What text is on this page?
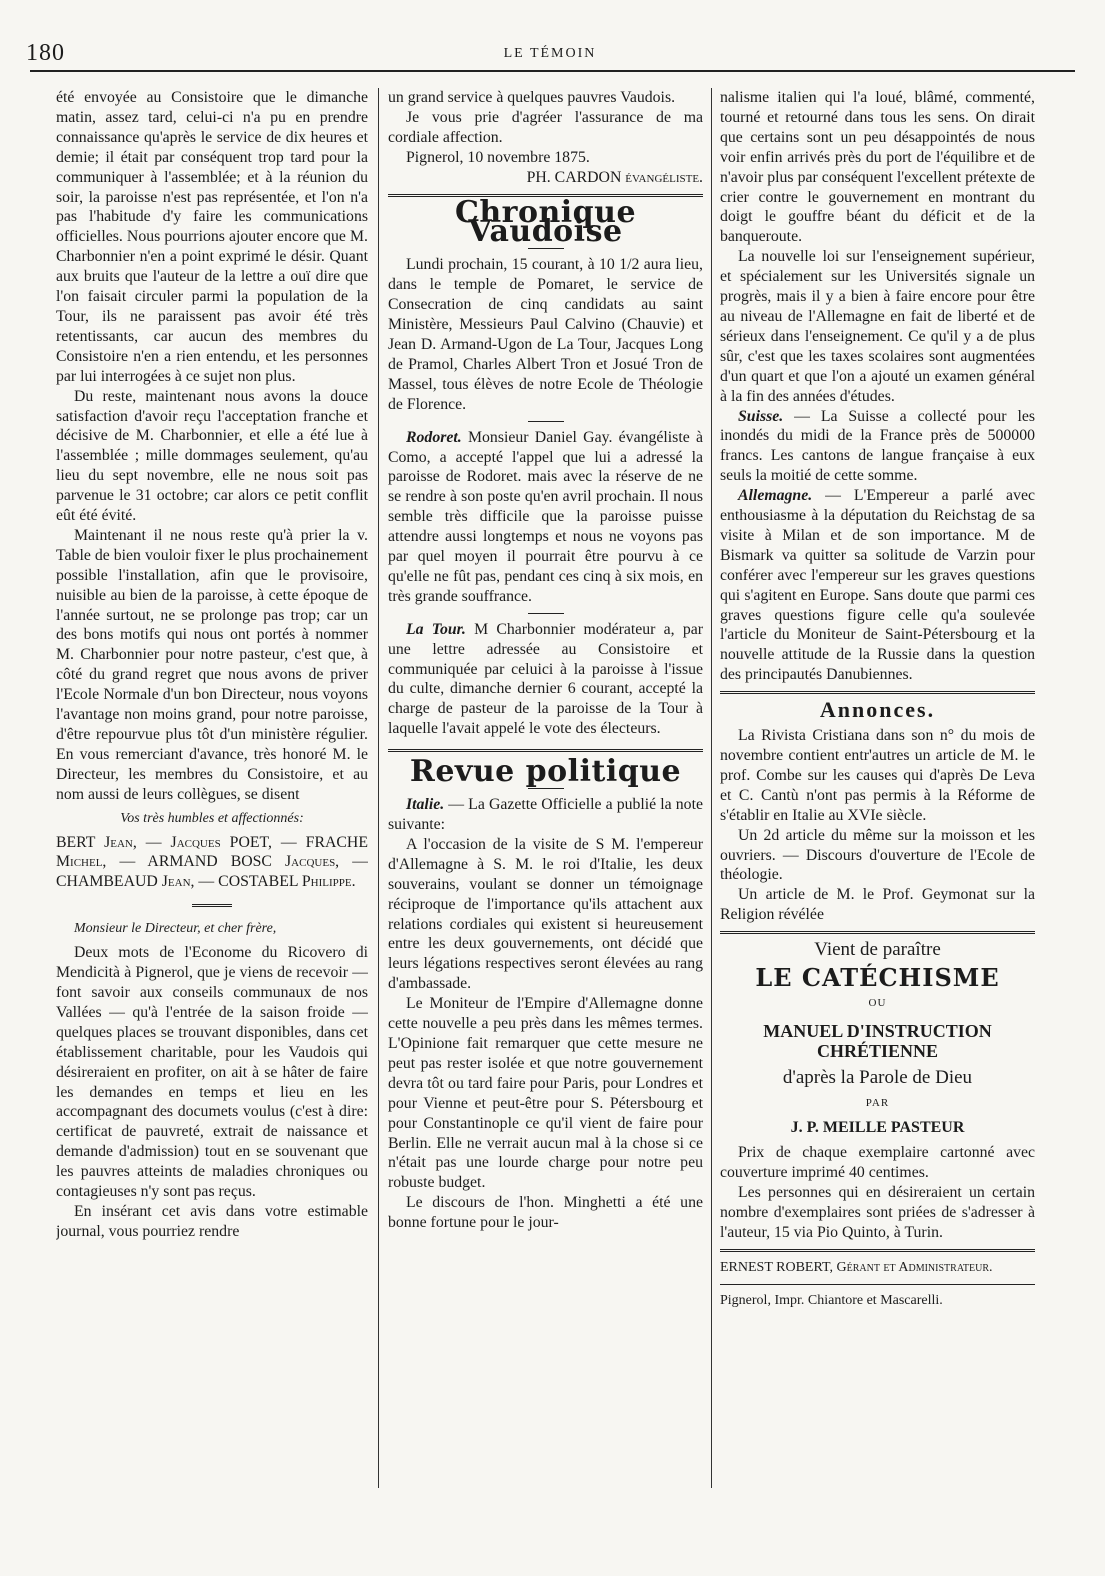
180	LE TÉMOIN

été envoyée au Consistoire que le dimanche matin, assez tard, celui-ci n'a pu en prendre connaissance qu'après le service de dix heures et demie; il était par conséquent trop tard pour la communiquer à l'assemblée; et à la réunion du soir, la paroisse n'est pas représentée, et l'on n'a pas l'habitude d'y faire les communications officielles. Nous pourrions ajouter encore que M. Charbonnier n'en a point exprimé le désir. Quant aux bruits que l'auteur de la lettre a ouï dire que l'on faisait circuler parmi la population de la Tour, ils ne paraissent pas avoir été très retentissants, car aucun des membres du Consistoire n'en a rien entendu, et les personnes par lui interrogées à ce sujet non plus.

Du reste, maintenant nous avons la douce satisfaction d'avoir reçu l'acceptation franche et décisive de M. Charbonnier, et elle a été lue à l'assemblée ; mille dommages seulement, qu'au lieu du sept novembre, elle ne nous soit pas parvenue le 31 octobre; car alors ce petit conflit eût été évité.

Maintenant il ne nous reste qu'à prier la v. Table de bien vouloir fixer le plus prochainement possible l'installation, afin que le provisoire, nuisible au bien de la paroisse, à cette époque de l'année surtout, ne se prolonge pas trop; car un des bons motifs qui nous ont portés à nommer M. Charbonnier pour notre pasteur, c'est que, à côté du grand regret que nous avons de priver l'Ecole Normale d'un bon Directeur, nous voyons l'avantage non moins grand, pour notre paroisse, d'être repourvue plus tôt d'un ministère régulier. En vous remerciant d'avance, très honoré M. le Directeur, les membres du Consistoire, et au nom aussi de leurs collègues, se disent

Vos très humbles et affectionnés:

BERT Jean, — Jacques POET, — FRACHE Michel, — ARMAND BOSC Jacques, — CHAMBEAUD Jean, — COSTABEL Philippe.

Monsieur le Directeur, et cher frère,

Deux mots de l'Econome du Ricovero di Mendicità à Pignerol, que je viens de recevoir — font savoir aux conseils communaux de nos Vallées — qu'à l'entrée de la saison froide — quelques places se trouvant disponibles, dans cet établissement charitable, pour les Vaudois qui désireraient en profiter, on ait à se hâter de faire les demandes en temps et lieu en les accompagnant des documets voulus (c'est à dire: certificat de pauvreté, extrait de naissance et demande d'admission) tout en se souvenant que les pauvres atteints de maladies chroniques ou contagieuses n'y sont pas reçus.

En insérant cet avis dans votre estimable journal, vous pourriez rendre

un grand service à quelques pauvres Vaudois.

Je vous prie d'agréer l'assurance de ma cordiale affection.

Pignerol, 10 novembre 1875.

PH. CARDON évangéliste.

Chronique Vaudoise

Lundi prochain, 15 courant, à 10 1/2 aura lieu, dans le temple de Pomaret, le service de Consecration de cinq candidats au saint Ministère, Messieurs Paul Calvino (Chauvie) et Jean D. Armand-Ugon de La Tour, Jacques Long de Pramol, Charles Albert Tron et Josué Tron de Massel, tous élèves de notre Ecole de Théologie de Florence.

Rodoret. Monsieur Daniel Gay. évangéliste à Como, a accepté l'appel que lui a adressé la paroisse de Rodoret. mais avec la réserve de ne se rendre à son poste qu'en avril prochain. Il nous semble très difficile que la paroisse puisse attendre aussi longtemps et nous ne voyons pas par quel moyen il pourrait être pourvu à ce qu'elle ne fût pas, pendant ces cinq à six mois, en très grande souffrance.

La Tour. M Charbonnier modérateur a, par une lettre adressée au Consistoire et communiquée par celuici à la paroisse à l'issue du culte, dimanche dernier 6 courant, accepté la charge de pasteur de la paroisse de la Tour à laquelle l'avait appelé le vote des électeurs.

Revue politique

Italie. — La Gazette Officielle a publié la note suivante:

A l'occasion de la visite de S M. l'empereur d'Allemagne à S. M. le roi d'Italie, les deux souverains, voulant se donner un témoignage réciproque de l'importance qu'ils attachent aux relations cordiales qui existent si heureusement entre les deux gouvernements, ont décidé que leurs légations respectives seront élevées au rang d'ambassade.

Le Moniteur de l'Empire d'Allemagne donne cette nouvelle a peu près dans les mêmes termes. L'Opinione fait remarquer que cette mesure ne peut pas rester isolée et que notre gouvernement devra tôt ou tard faire pour Paris, pour Londres et pour Vienne et peut-être pour S. Pétersbourg et pour Constantinople ce qu'il vient de faire pour Berlin. Elle ne verrait aucun mal à la chose si ce n'était pas une lourde charge pour notre peu robuste budget.

Le discours de l'hon. Minghetti a été une bonne fortune pour le jour-

nalisme italien qui l'a loué, blâmé, commenté, tourné et retourné dans tous les sens. On dirait que certains sont un peu désappointés de nous voir enfin arrivés près du port de l'équilibre et de n'avoir plus par conséquent l'excellent prétexte de crier contre le gouvernement en montrant du doigt le gouffre béant du déficit et de la banqueroute.

La nouvelle loi sur l'enseignement supérieur, et spécialement sur les Universités signale un progrès, mais il y a bien à faire encore pour être au niveau de l'Allemagne en fait de liberté et de sérieux dans l'enseignement. Ce qu'il y a de plus sûr, c'est que les taxes scolaires sont augmentées d'un quart et que l'on a ajouté un examen général à la fin des années d'études.

Suisse. — La Suisse a collecté pour les inondés du midi de la France près de 500000 francs. Les cantons de langue française à eux seuls la moitié de cette somme.

Allemagne. — L'Empereur a parlé avec enthousiasme à la députation du Reichstag de sa visite à Milan et de son importance. M de Bismark va quitter sa solitude de Varzin pour conférer avec l'empereur sur les graves questions qui s'agitent en Europe. Sans doute que parmi ces graves questions figure celle qu'a soulevée l'article du Moniteur de Saint-Pétersbourg et la nouvelle attitude de la Russie dans la question des principautés Danubiennes.

Annonces.

La Rivista Cristiana dans son n° du mois de novembre contient entr'autres un article de M. le prof. Combe sur les causes qui d'après De Leva et C. Cantù n'ont pas permis à la Réforme de s'établir en Italie au XVIe siècle.

Un 2d article du même sur la moisson et les ouvriers. — Discours d'ouverture de l'Ecole de théologie.

Un article de M. le Prof. Geymonat sur la Religion révélée

Vient de paraître
LE CATÉCHISME
OU
MANUEL D'INSTRUCTION CHRÉTIENNE
d'après la Parole de Dieu
PAR
J. P. MEILLE PASTEUR

Prix de chaque exemplaire cartonné avec couverture imprimé 40 centimes.

Les personnes qui en désireraient un certain nombre d'exemplaires sont priées de s'adresser à l'auteur, 15 via Pio Quinto, à Turin.

ERNEST ROBERT, Gérant et Administrateur.

Pignerol, Impr. Chiantore et Mascarelli.
